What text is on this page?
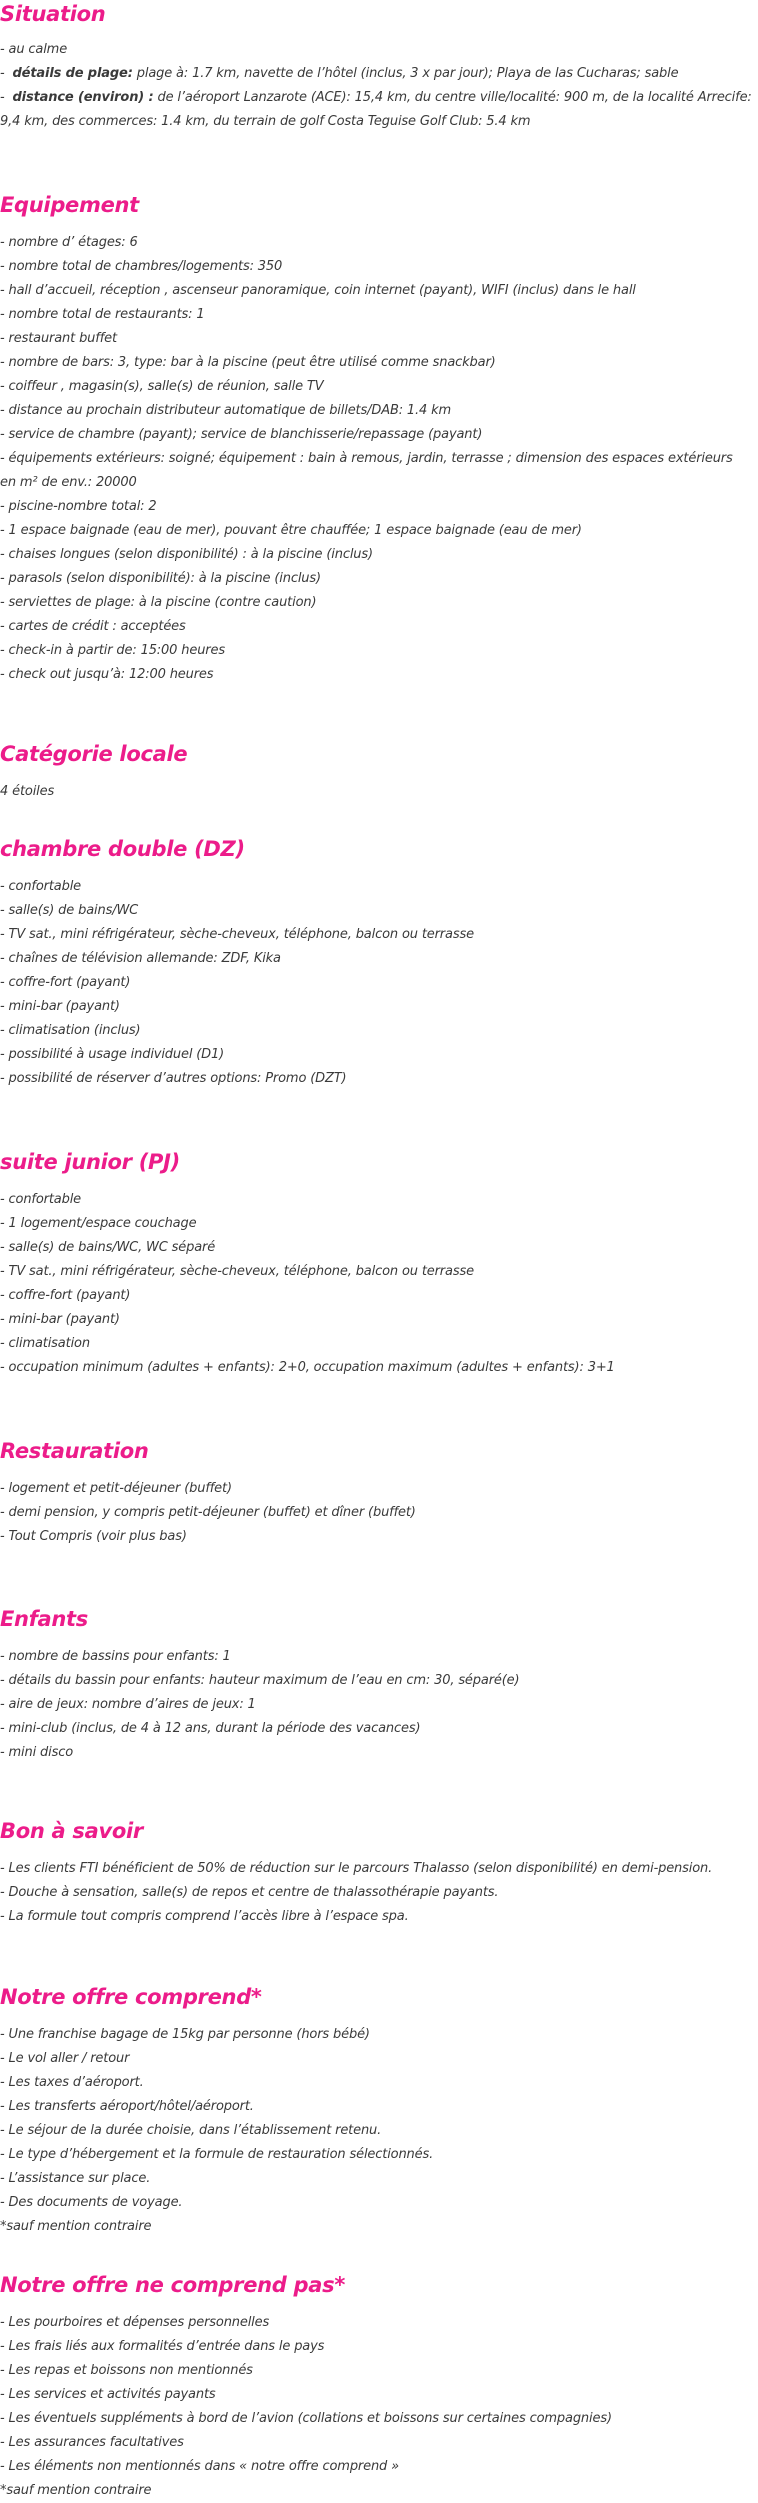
Situation
- au calme
-  détails de plage: plage à: 1.7 km, navette de l’hôtel (inclus, 3 x par jour); Playa de las Cucharas; sable
-  distance (environ) : de l’aéroport Lanzarote (ACE): 15,4 km, du centre ville/localité: 900 m, de la localité Arrecife: 9,4 km, des commerces: 1.4 km, du terrain de golf Costa Teguise Golf Club: 5.4 km
Equipement
- nombre d’ étages: 6
- nombre total de chambres/logements: 350
- hall d’accueil, réception , ascenseur panoramique, coin internet (payant), WIFI (inclus) dans le hall
- nombre total de restaurants: 1
- restaurant buffet
- nombre de bars: 3, type: bar à la piscine (peut être utilisé comme snackbar)
- coiffeur , magasin(s), salle(s) de réunion, salle TV
- distance au prochain distributeur automatique de billets/DAB: 1.4 km
- service de chambre (payant); service de blanchisserie/repassage (payant)
- équipements extérieurs: soigné; équipement : bain à remous, jardin, terrasse ; dimension des espaces extérieurs en m² de env.: 20000
- piscine-nombre total: 2
- 1 espace baignade (eau de mer), pouvant être chauffée; 1 espace baignade (eau de mer)
- chaises longues (selon disponibilité) : à la piscine (inclus)
- parasols (selon disponibilité): à la piscine (inclus)
- serviettes de plage: à la piscine (contre caution)
- cartes de crédit : acceptées
- check-in à partir de: 15:00 heures
- check out jusqu’à: 12:00 heures
Catégorie locale
4 étoiles
chambre double (DZ)
- confortable
- salle(s) de bains/WC
- TV sat., mini réfrigérateur, sèche-cheveux, téléphone, balcon ou terrasse
- chaînes de télévision allemande: ZDF, Kika
- coffre-fort (payant)
- mini-bar (payant)
- climatisation (inclus)
- possibilité à usage individuel (D1)
- possibilité de réserver d’autres options: Promo (DZT)
suite junior (PJ)
- confortable
- 1 logement/espace couchage
- salle(s) de bains/WC, WC séparé
- TV sat., mini réfrigérateur, sèche-cheveux, téléphone, balcon ou terrasse
- coffre-fort (payant)
- mini-bar (payant)
- climatisation
- occupation minimum (adultes + enfants): 2+0, occupation maximum (adultes + enfants): 3+1
Restauration
- logement et petit-déjeuner (buffet)
- demi pension, y compris petit-déjeuner (buffet) et dîner (buffet)
- Tout Compris (voir plus bas)
Enfants
- nombre de bassins pour enfants: 1
- détails du bassin pour enfants: hauteur maximum de l’eau en cm: 30, séparé(e)
- aire de jeux: nombre d’aires de jeux: 1
- mini-club (inclus, de 4 à 12 ans, durant la période des vacances)
- mini disco
Bon à savoir
- Les clients FTI bénéficient de 50% de réduction sur le parcours Thalasso (selon disponibilité) en demi-pension.
- Douche à sensation, salle(s) de repos et centre de thalassothérapie payants.
- La formule tout compris comprend l’accès libre à l’espace spa.
Notre offre comprend*
- Une franchise bagage de 15kg par personne (hors bébé)
- Le vol aller / retour
- Les taxes d’aéroport.
- Les transferts aéroport/hôtel/aéroport.
- Le séjour de la durée choisie, dans l’établissement retenu.
- Le type d’hébergement et la formule de restauration sélectionnés.
- L’assistance sur place.
- Des documents de voyage.
*sauf mention contraire
Notre offre ne comprend pas*
- Les pourboires et dépenses personnelles
- Les frais liés aux formalités d’entrée dans le pays
- Les repas et boissons non mentionnés
- Les services et activités payants
- Les éventuels suppléments à bord de l’avion (collations et boissons sur certaines compagnies)
- Les assurances facultatives
- Les éléments non mentionnés dans « notre offre comprend »
*sauf mention contraire
